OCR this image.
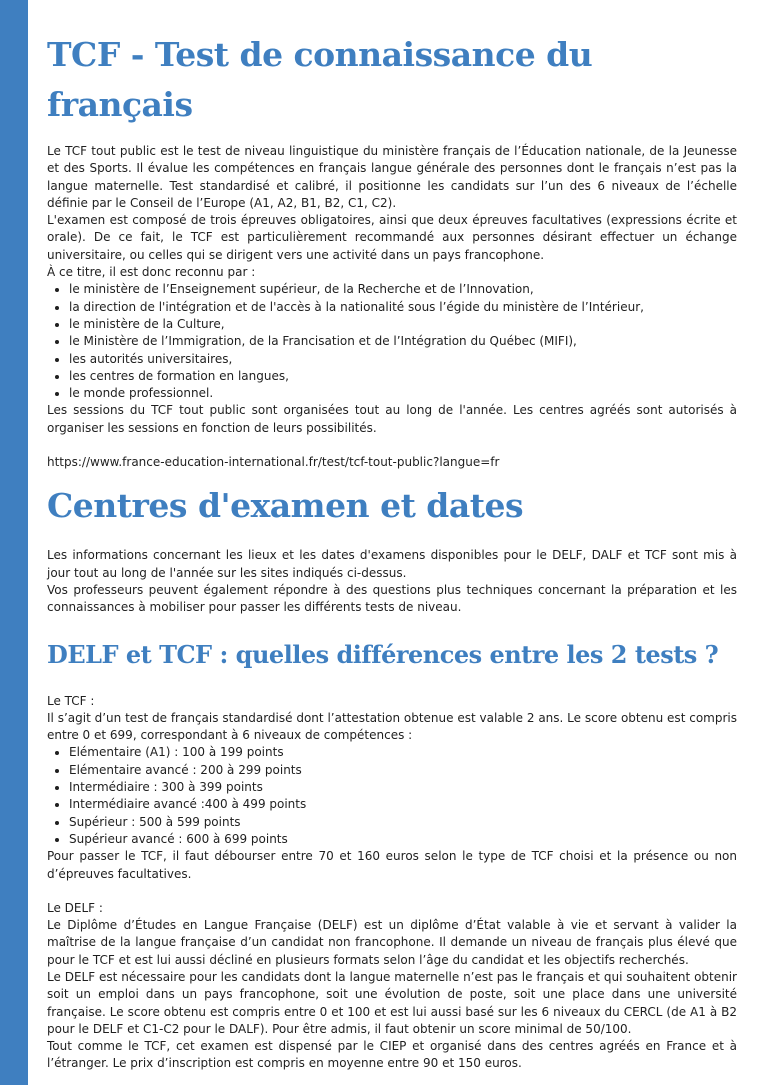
TCF - Test de connaissance du français

Le TCF tout public est le test de niveau linguistique du ministère français de l’Éducation nationale, de la Jeunesse et des Sports. Il évalue les compétences en français langue générale des personnes dont le français n’est pas la langue maternelle. Test standardisé et calibré, il positionne les candidats sur l’un des 6 niveaux de l’échelle définie par le Conseil de l’Europe (A1, A2, B1, B2, C1, C2).

L'examen est composé de trois épreuves obligatoires, ainsi que deux épreuves facultatives (expressions écrite et orale). De ce fait, le TCF est particulièrement recommandé aux personnes désirant effectuer un échange universitaire, ou celles qui se dirigent vers une activité dans un pays francophone.

À ce titre, il est donc reconnu par :

• le ministère de l’Enseignement supérieur, de la Recherche et de l’Innovation,
• la direction de l'intégration et de l'accès à la nationalité sous l’égide du ministère de l’Intérieur,
• le ministère de la Culture,
• le Ministère de l’Immigration, de la Francisation et de l’Intégration du Québec (MIFI),
• les autorités universitaires,
• les centres de formation en langues,
• le monde professionnel.

Les sessions du TCF tout public sont organisées tout au long de l'année. Les centres agréés sont autorisés à organiser les sessions en fonction de leurs possibilités.

https://www.france-education-international.fr/test/tcf-tout-public?langue=fr

Centres d'examen et dates

Les informations concernant les lieux et les dates d'examens disponibles pour le DELF, DALF et TCF sont mis à jour tout au long de l'année sur les sites indiqués ci-dessus.

Vos professeurs peuvent également répondre à des questions plus techniques concernant la préparation et les connaissances à mobiliser pour passer les différents tests de niveau.

DELF et TCF : quelles différences entre les 2 tests ?

Le TCF :

Il s’agit d’un test de français standardisé dont l’attestation obtenue est valable 2 ans. Le score obtenu est compris entre 0 et 699, correspondant à 6 niveaux de compétences :

• Elémentaire (A1) : 100 à 199 points
• Elémentaire avancé : 200 à 299 points
• Intermédiaire : 300 à 399 points
• Intermédiaire avancé :400 à 499 points
• Supérieur : 500 à 599 points
• Supérieur avancé : 600 à 699 points

Pour passer le TCF, il faut débourser entre 70 et 160 euros selon le type de TCF choisi et la présence ou non d’épreuves facultatives.

Le DELF :

Le Diplôme d’Études en Langue Française (DELF) est un diplôme d’État valable à vie et servant à valider la maîtrise de la langue française d’un candidat non francophone. Il demande un niveau de français plus élevé que pour le TCF et est lui aussi décliné en plusieurs formats selon l’âge du candidat et les objectifs recherchés.

Le DELF est nécessaire pour les candidats dont la langue maternelle n’est pas le français et qui souhaitent obtenir soit un emploi dans un pays francophone, soit une évolution de poste, soit une place dans une université française. Le score obtenu est compris entre 0 et 100 et est lui aussi basé sur les 6 niveaux du CERCL (de A1 à B2 pour le DELF et C1-C2 pour le DALF). Pour être admis, il faut obtenir un score minimal de 50/100.

Tout comme le TCF, cet examen est dispensé par le CIEP et organisé dans des centres agréés en France et à l’étranger. Le prix d’inscription est compris en moyenne entre 90 et 150 euros.
